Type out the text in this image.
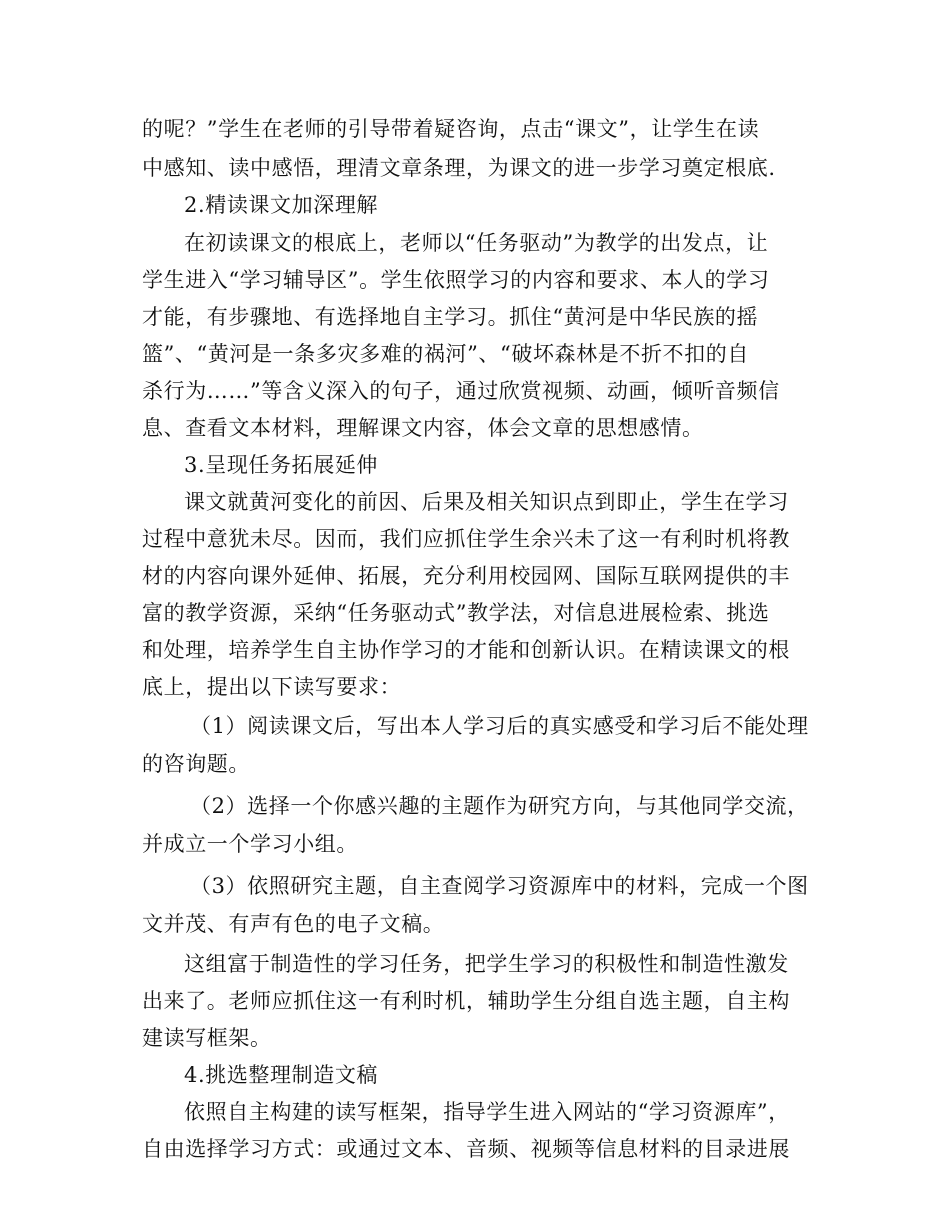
的呢？”学生在老师的引导带着疑咨询，点击“课文”，让学生在读
中感知、读中感悟，理清文章条理，为课文的进一步学习奠定根底.
2.精读课文加深理解
在初读课文的根底上，老师以“任务驱动”为教学的出发点，让
学生进入“学习辅导区”。学生依照学习的内容和要求、本人的学习
才能，有步骤地、有选择地自主学习。抓住“黄河是中华民族的摇
篮”、“黄河是一条多灾多难的祸河”、“破坏森林是不折不扣的自
杀行为……”等含义深入的句子，通过欣赏视频、动画，倾听音频信
息、查看文本材料，理解课文内容，体会文章的思想感情。
3.呈现任务拓展延伸
课文就黄河变化的前因、后果及相关知识点到即止，学生在学习
过程中意犹未尽。因而，我们应抓住学生余兴未了这一有利时机将教
材的内容向课外延伸、拓展，充分利用校园网、国际互联网提供的丰
富的教学资源，采纳“任务驱动式”教学法，对信息进展检索、挑选
和处理，培养学生自主协作学习的才能和创新认识。在精读课文的根
底上，提出以下读写要求：
（1）阅读课文后，写出本人学习后的真实感受和学习后不能处理
的咨询题。
（2）选择一个你感兴趣的主题作为研究方向，与其他同学交流，
并成立一个学习小组。
（3）依照研究主题，自主查阅学习资源库中的材料，完成一个图
文并茂、有声有色的电子文稿。
这组富于制造性的学习任务，把学生学习的积极性和制造性激发
出来了。老师应抓住这一有利时机，辅助学生分组自选主题，自主构
建读写框架。
4.挑选整理制造文稿
依照自主构建的读写框架，指导学生进入网站的“学习资源库”，
自由选择学习方式：或通过文本、音频、视频等信息材料的目录进展
